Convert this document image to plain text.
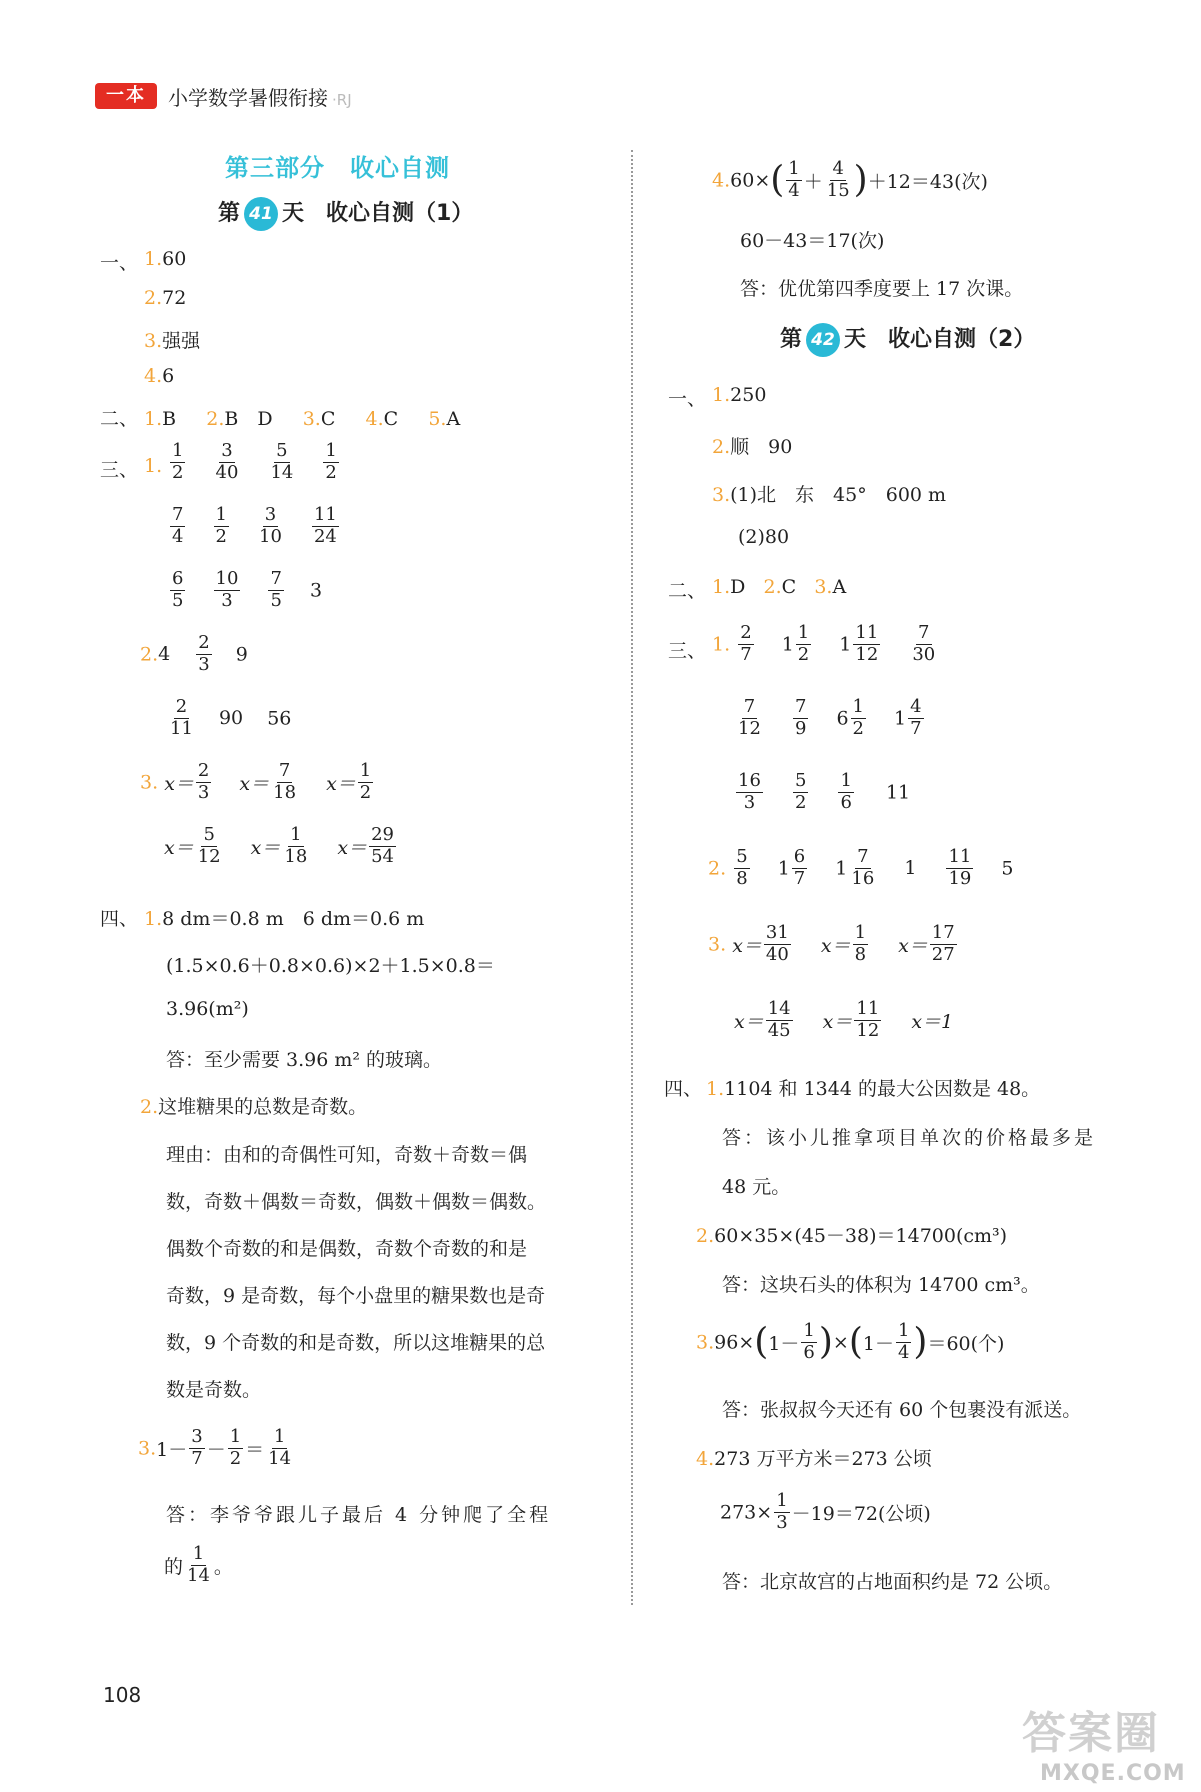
一本	小学数学暑假衔接 ·RJ
第三部分　收心自测
第 41 天　收心自测（1）
一、 1.60
2.72
3.强强
4.6
二、 1.B 2.B　D 3.C 4.C 5.A
三、 1. $\frac{1}{2}$
$\frac{3}{40}$
$\frac{5}{14}$
$\frac{1}{2}$
$\frac{7}{4}$
$\frac{1}{2}$
$\frac{3}{10}$
$\frac{11}{24}$
$\frac{6}{5}$
$\frac{10}{3}$
$\frac{7}{5} 3$
$2.4 \frac{2}{3} 9$
$\frac{2}{11} 90$ 56
3. $x= \frac{2}{3} x= \frac{7}{18} x= \frac{1}{2}$
$x= \frac{5}{12} x= \frac{1}{18} x= \frac{29}{54}$
四、 1.8 dm＝0.8 m　6 dm＝0.6 m
(1.5×0.6＋0.8×0.6)×2＋1.5×0.8＝
3.96(m²)
答：至少需要 3.96 m² 的玻璃。
2.这堆糖果的总数是奇数。
理由：由和的奇偶性可知，奇数＋奇数＝偶
数，奇数＋偶数＝奇数，偶数＋偶数＝偶数。
偶数个奇数的和是偶数，奇数个奇数的和是
奇数，9 是奇数，每个小盘里的糖果数也是奇
数，9 个奇数的和是奇数，所以这堆糖果的总
数是奇数。
$3.1- \frac{3}{7} - \frac{1}{2} = \frac{1}{14}$
答：李爷爷跟儿子最后 4 分钟爬了全程
的 $\frac{1}{14}$ 。
$4.60\times( \frac{1}{4} + \frac{4}{15} )+12=43$(次)
60－43＝17(次)
答：优优第四季度要上 17 次课。
第 42 天　收心自测（2）
一、 1.250
2.顺　90
3.(1)北　东　45°　600 m
(2)80
二、 1.D 2.C 3.A
三、 1. $\frac{2}{7} 1 \frac{1}{2} 1 \frac{11}{12}$
$\frac{7}{30}$
$\frac{7}{12}$
$\frac{7}{9} 6 \frac{1}{2} 1 \frac{4}{7}$
$\frac{16}{3}$
$\frac{5}{2}$
$\frac{1}{6} 11$
2. $\frac{5}{8} 1 \frac{6}{7} 1 \frac{7}{16} 1 \frac{11}{19} 5$
3. $x= \frac{31}{40} x= \frac{1}{8} x= \frac{17}{27}$
$x= \frac{14}{45} x= \frac{11}{12} x=1$
四、 1.1104 和 1344 的最大公因数是 48。
答：该小儿推拿项目单次的价格最多是
48 元。
2.60×35×(45－38)＝14700(cm³)
答：这块石头的体积为 14700 cm³。
$3.96\times(1- \frac{1}{6} )\times(1- \frac{1}{4} )=60$(个)
答：张叔叔今天还有 60 个包裹没有派送。
4.273 万平方米＝273 公顷
$273\times \frac{1}{3} -19=72$(公顷)
答：北京故宫的占地面积约是 72 公顷。
108
答案圈
MXQE.COM
